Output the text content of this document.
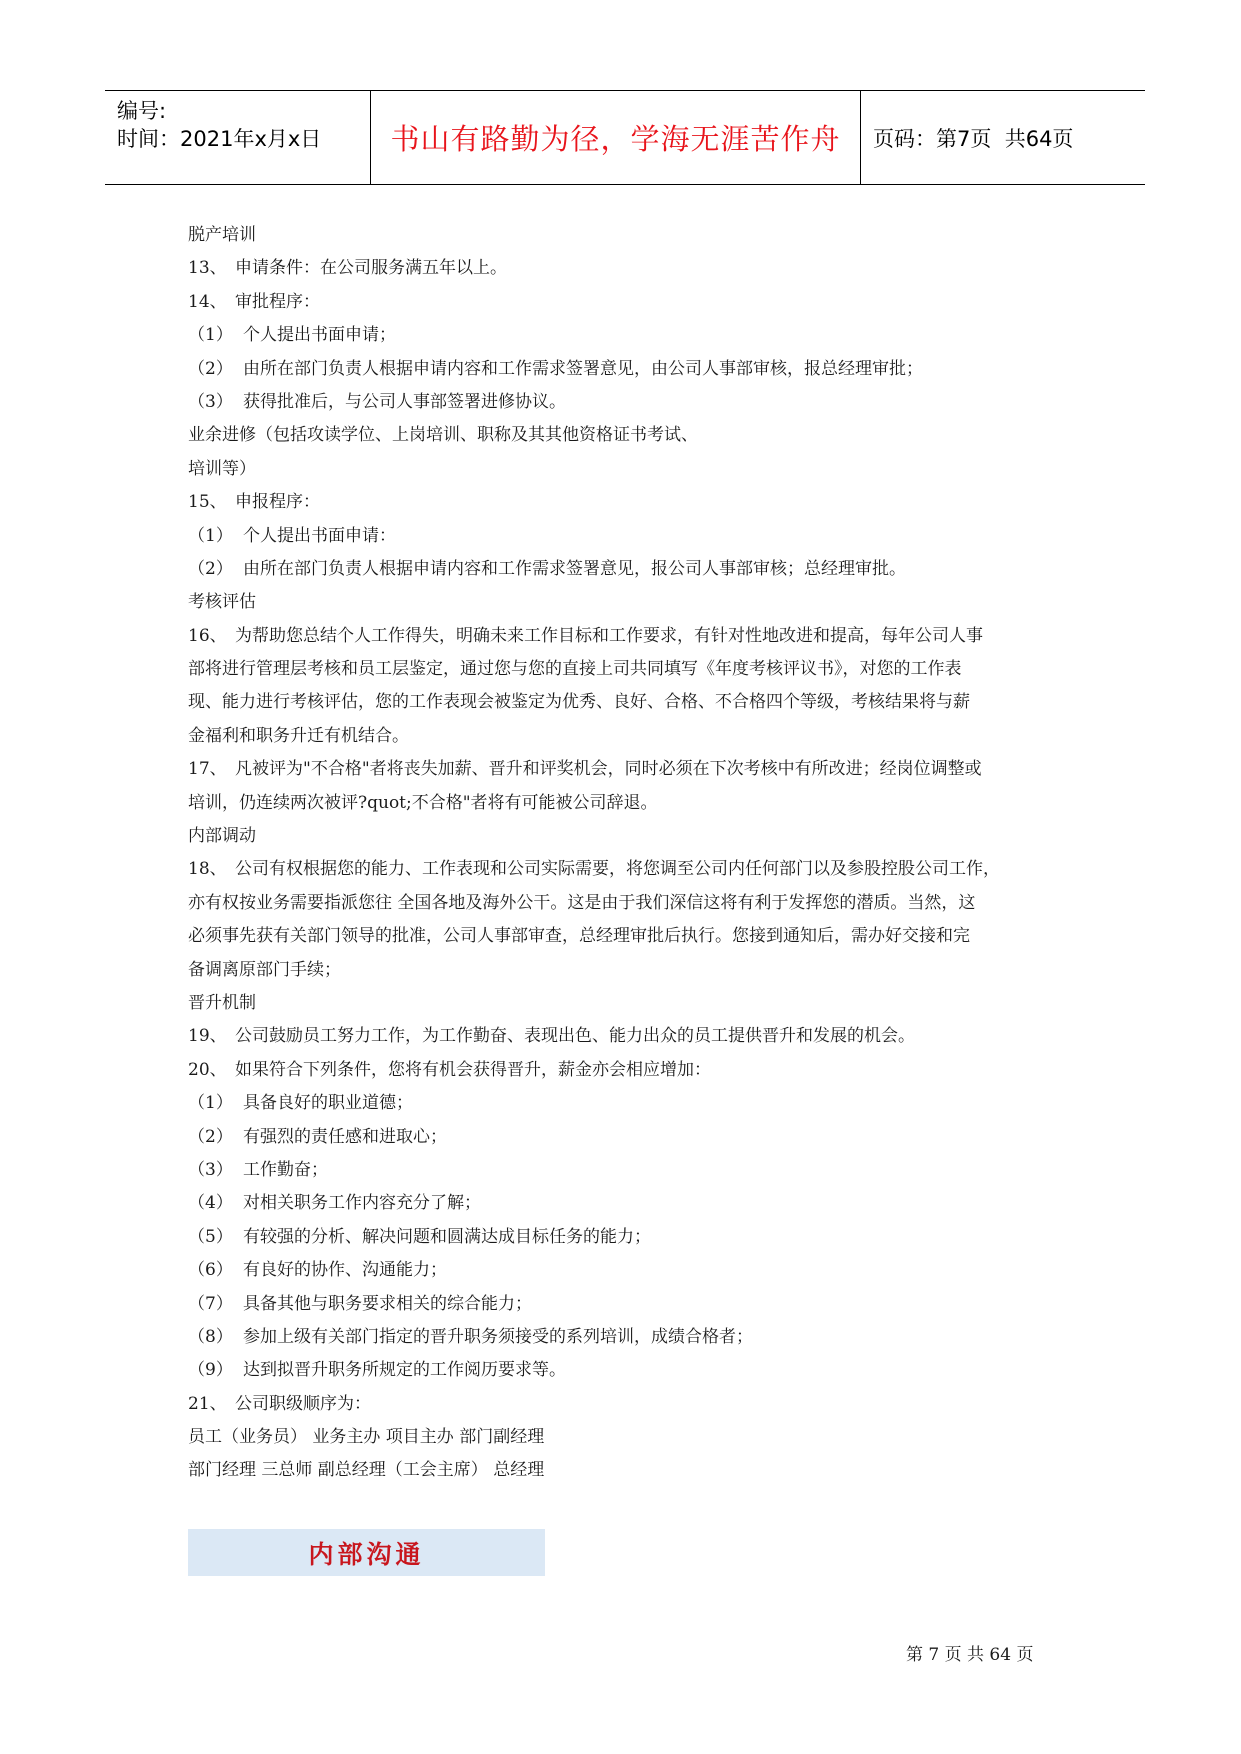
编号:
时间：2021年x月x日	书山有路勤为径，学海无涯苦作舟	页码：第7页  共64页
脱产培训
13、 申请条件：在公司服务满五年以上。
14、 审批程序：
（1） 个人提出书面申请；
（2） 由所在部门负责人根据申请内容和工作需求签署意见，由公司人事部审核，报总经理审批；
（3） 获得批准后，与公司人事部签署进修协议。
业余进修（包括攻读学位、上岗培训、职称及其其他资格证书考试、
培训等）
15、 申报程序：
（1） 个人提出书面申请：
（2） 由所在部门负责人根据申请内容和工作需求签署意见，报公司人事部审核；总经理审批。
考核评估
16、 为帮助您总结个人工作得失，明确未来工作目标和工作要求，有针对性地改进和提高，每年公司人事
部将进行管理层考核和员工层鉴定，通过您与您的直接上司共同填写《年度考核评议书》，对您的工作表
现、能力进行考核评估，您的工作表现会被鉴定为优秀、良好、合格、不合格四个等级，考核结果将与薪
金福利和职务升迁有机结合。
17、 凡被评为"不合格"者将丧失加薪、晋升和评奖机会，同时必须在下次考核中有所改进；经岗位调整或
培训，仍连续两次被评?quot;不合格"者将有可能被公司辞退。
内部调动
18、 公司有权根据您的能力、工作表现和公司实际需要，将您调至公司内任何部门以及参股控股公司工作，
亦有权按业务需要指派您往 全国各地及海外公干。这是由于我们深信这将有利于发挥您的潜质。当然，这
必须事先获有关部门领导的批准，公司人事部审查，总经理审批后执行。您接到通知后，需办好交接和完
备调离原部门手续；
晋升机制
19、 公司鼓励员工努力工作，为工作勤奋、表现出色、能力出众的员工提供晋升和发展的机会。
20、 如果符合下列条件，您将有机会获得晋升，薪金亦会相应增加：
（1） 具备良好的职业道德；
（2） 有强烈的责任感和进取心；
（3） 工作勤奋；
（4） 对相关职务工作内容充分了解；
（5） 有较强的分析、解决问题和圆满达成目标任务的能力；
（6） 有良好的协作、沟通能力；
（7） 具备其他与职务要求相关的综合能力；
（8） 参加上级有关部门指定的晋升职务须接受的系列培训，成绩合格者；
（9） 达到拟晋升职务所规定的工作阅历要求等。
21、 公司职级顺序为：
员工（业务员） 业务主办 项目主办 部门副经理
部门经理 三总师 副总经理（工会主席） 总经理
内部沟通
第 7 页 共 64 页
